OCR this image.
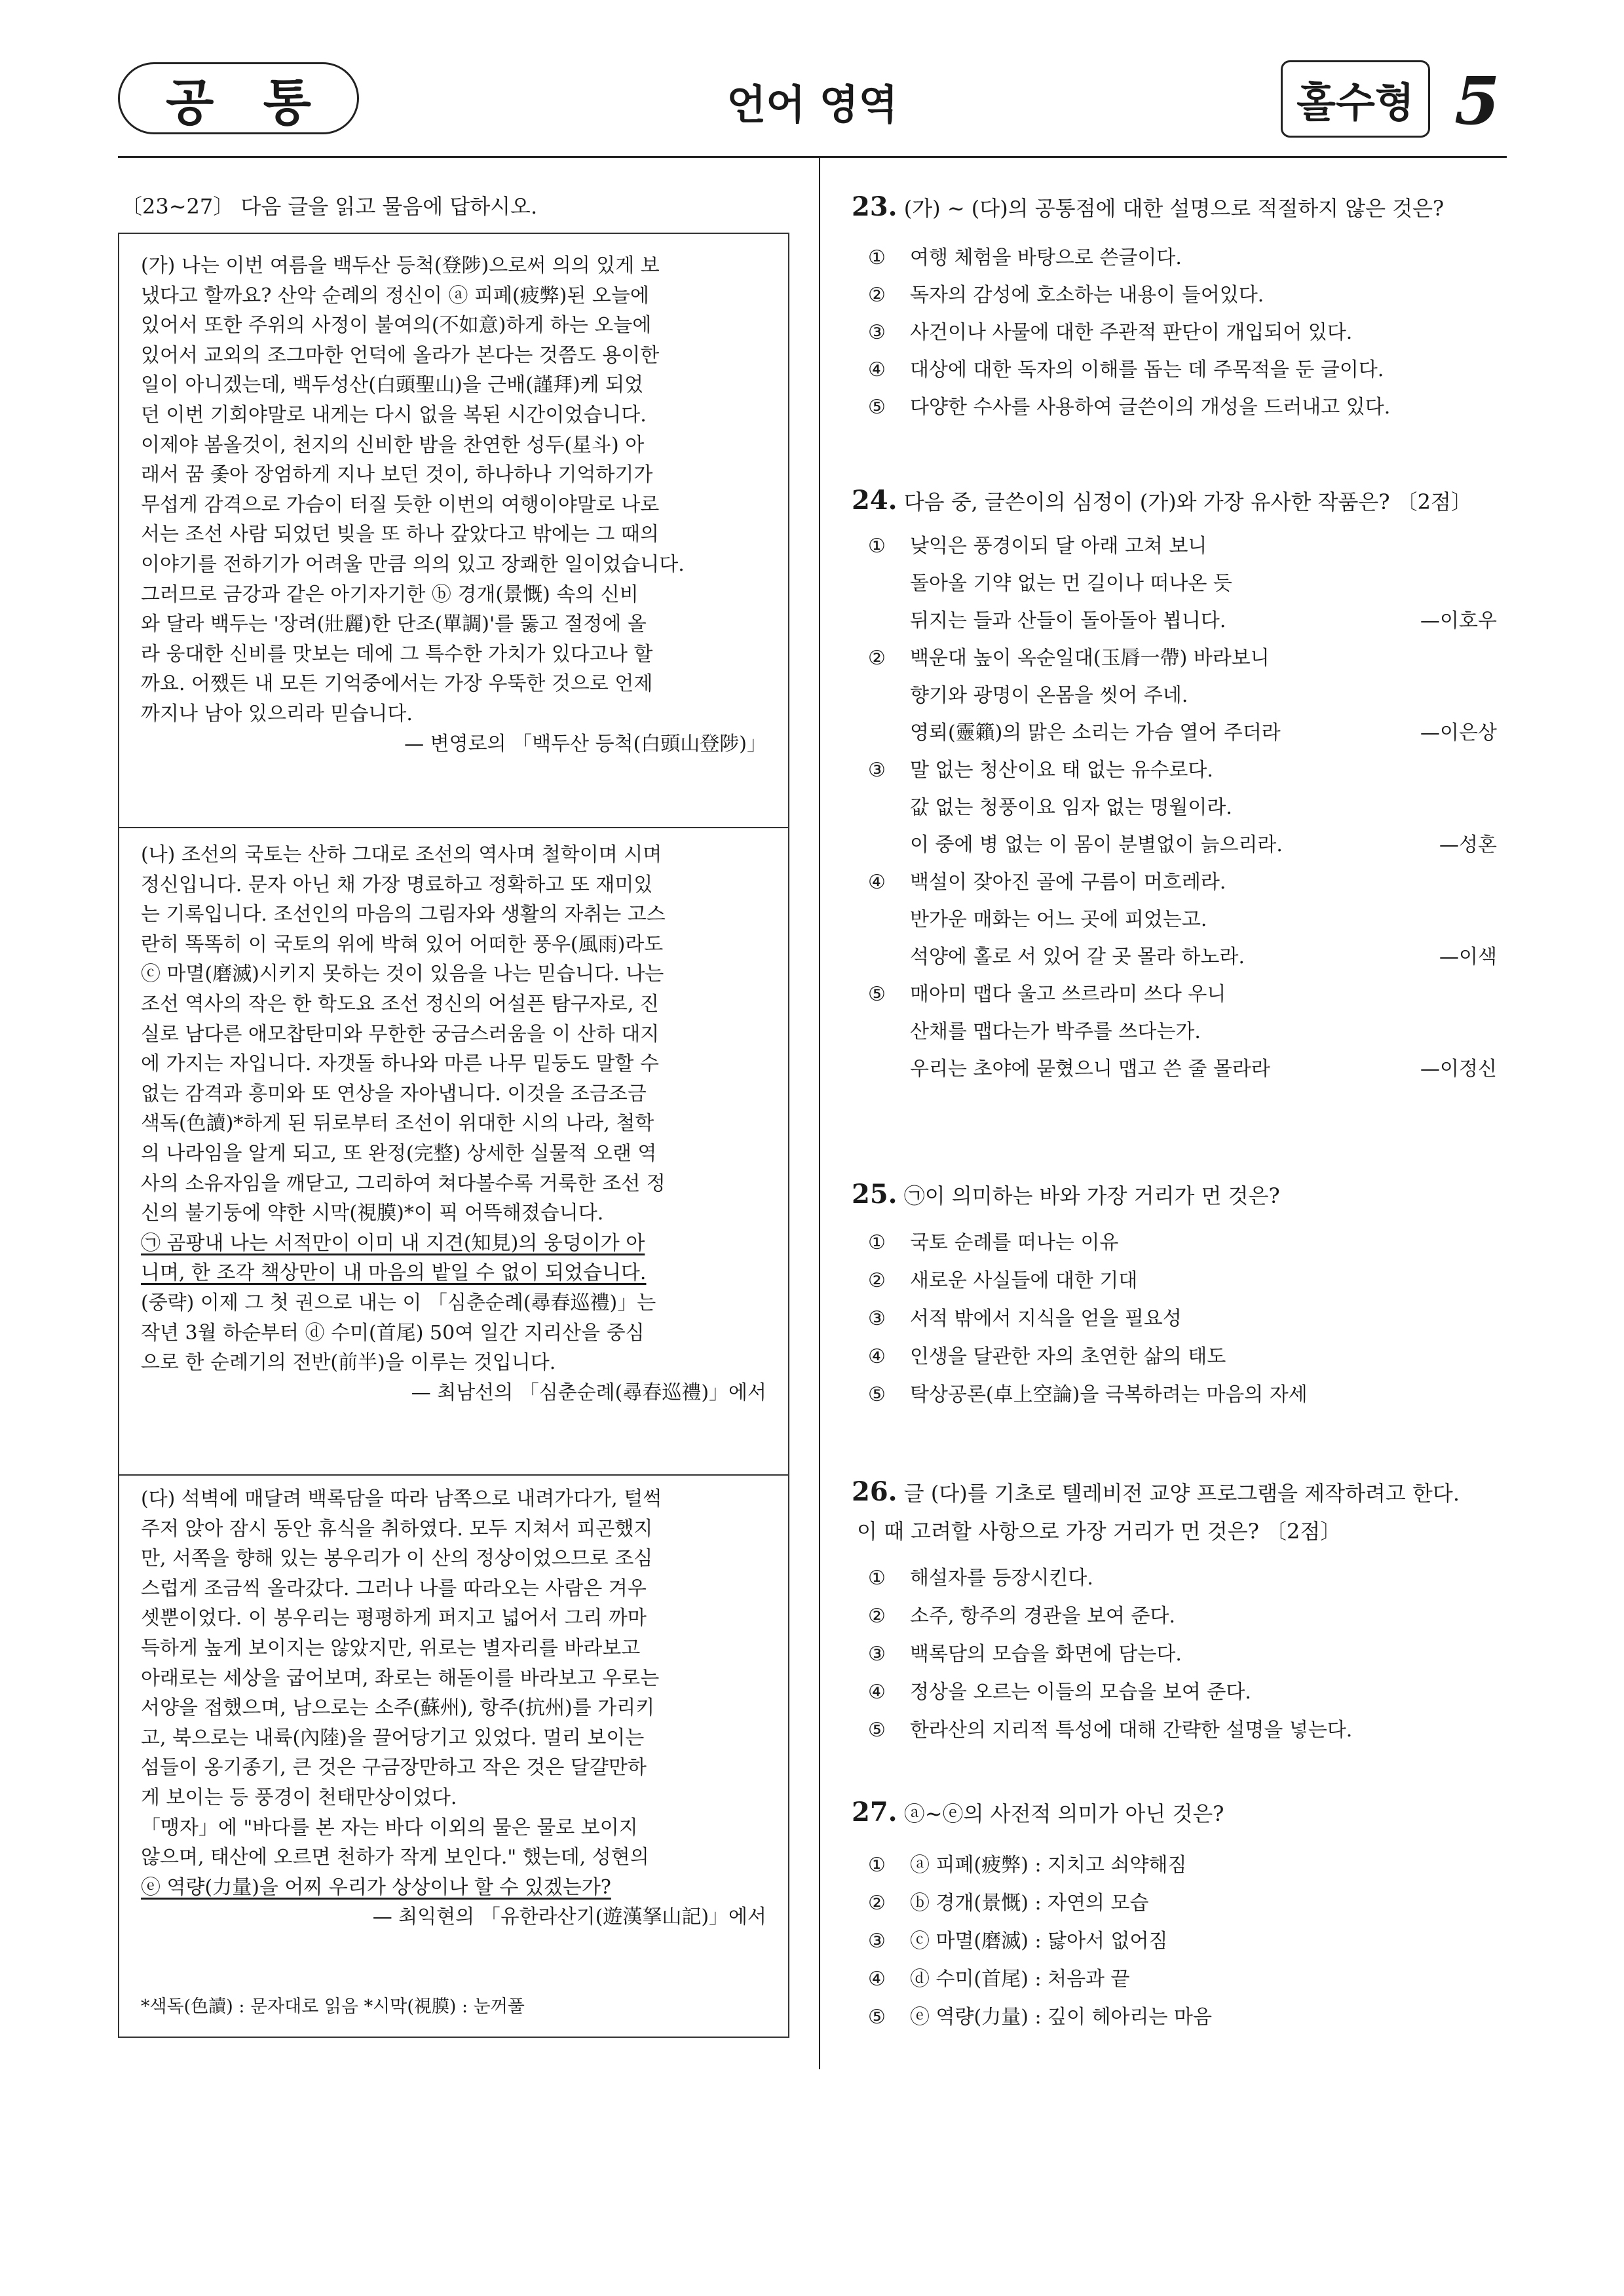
공 통	언어 영역	홀수형 5
〔23∼27〕 다음 글을 읽고 물음에 답하시오.
(가) 나는 이번 여름을 백두산 등척(登陟)으로써 의의 있게 보
냈다고 할까요? 산악 순례의 정신이 ⓐ 피폐(疲弊)된 오늘에
있어서 또한 주위의 사정이 불여의(不如意)하게 하는 오늘에
있어서 교외의 조그마한 언덕에 올라가 본다는 것쯤도 용이한
일이 아니겠는데, 백두성산(白頭聖山)을 근배(謹拜)케 되었
던 이번 기회야말로 내게는 다시 없을 복된 시간이었습니다.
이제야 봄올것이, 천지의 신비한 밤을 찬연한 성두(星斗) 아
래서 꿈 좇아 장엄하게 지나 보던 것이, 하나하나 기억하기가
무섭게 감격으로 가슴이 터질 듯한 이번의 여행이야말로 나로
서는 조선 사람 되었던 빚을 또 하나 갚았다고 밖에는 그 때의
이야기를 전하기가 어려울 만큼 의의 있고 장쾌한 일이었습니다.
그러므로 금강과 같은 아기자기한 ⓑ 경개(景慨) 속의 신비
와 달라 백두는 '장려(壯麗)한 단조(單調)'를 뚫고 절정에 올
라 웅대한 신비를 맛보는 데에 그 특수한 가치가 있다고나 할
까요. 어쨌든 내 모든 기억중에서는 가장 우뚝한 것으로 언제
까지나 남아 있으리라 믿습니다.
— 변영로의 「백두산 등척(白頭山登陟)」
(나) 조선의 국토는 산하 그대로 조선의 역사며 철학이며 시며
정신입니다. 문자 아닌 채 가장 명료하고 정확하고 또 재미있
는 기록입니다. 조선인의 마음의 그림자와 생활의 자취는 고스
란히 똑똑히 이 국토의 위에 박혀 있어 어떠한 풍우(風雨)라도
ⓒ 마멸(磨滅)시키지 못하는 것이 있음을 나는 믿습니다. 나는
조선 역사의 작은 한 학도요 조선 정신의 어설픈 탐구자로, 진
실로 남다른 애모찹탄미와 무한한 궁금스러움을 이 산하 대지
에 가지는 자입니다. 자갯돌 하나와 마른 나무 밑둥도 말할 수
없는 감격과 흥미와 또 연상을 자아냅니다. 이것을 조금조금
색독(色讀)*하게 된 뒤로부터 조선이 위대한 시의 나라, 철학
의 나라임을 알게 되고, 또 완정(完整) 상세한 실물적 오랜 역
사의 소유자임을 깨닫고, 그리하여 쳐다볼수록 거룩한 조선 정
신의 불기둥에 약한 시막(視膜)*이 픽 어뜩해졌습니다.
㉠ 곰팡내 나는 서적만이 이미 내 지견(知見)의 웅덩이가 아
니며, 한 조각 책상만이 내 마음의 밭일 수 없이 되었습니다.
(중략) 이제 그 첫 권으로 내는 이 「심춘순례(尋春巡禮)」는
작년 3월 하순부터 ⓓ 수미(首尾) 50여 일간 지리산을 중심
으로 한 순례기의 전반(前半)을 이루는 것입니다.
— 최남선의 「심춘순례(尋春巡禮)」에서
(다) 석벽에 매달려 백록담을 따라 남쪽으로 내려가다가, 털썩
주저 앉아 잠시 동안 휴식을 취하였다. 모두 지쳐서 피곤했지
만, 서쪽을 향해 있는 봉우리가 이 산의 정상이었으므로 조심
스럽게 조금씩 올라갔다. 그러나 나를 따라오는 사람은 겨우
셋뿐이었다. 이 봉우리는 평평하게 퍼지고 넓어서 그리 까마
득하게 높게 보이지는 않았지만, 위로는 별자리를 바라보고
아래로는 세상을 굽어보며, 좌로는 해돋이를 바라보고 우로는
서양을 접했으며, 남으로는 소주(蘇州), 항주(抗州)를 가리키
고, 북으로는 내륙(內陸)을 끌어당기고 있었다. 멀리 보이는
섬들이 옹기종기, 큰 것은 구금장만하고 작은 것은 달걀만하
게 보이는 등 풍경이 천태만상이었다.
「맹자」에 "바다를 본 자는 바다 이외의 물은 물로 보이지
않으며, 태산에 오르면 천하가 작게 보인다." 했는데, 성현의
ⓔ 역량(力量)을 어찌 우리가 상상이나 할 수 있겠는가?
— 최익현의 「유한라산기(遊漢拏山記)」에서
*색독(色讀) : 문자대로 읽음 *시막(視膜) : 눈꺼풀
23. (가) ∼ (다)의 공통점에 대한 설명으로 적절하지 않은 것은?
① 여행 체험을 바탕으로 쓴글이다.
② 독자의 감성에 호소하는 내용이 들어있다.
③ 사건이나 사물에 대한 주관적 판단이 개입되어 있다.
④ 대상에 대한 독자의 이해를 돕는 데 주목적을 둔 글이다.
⑤ 다양한 수사를 사용하여 글쓴이의 개성을 드러내고 있다.
24. 다음 중, 글쓴이의 심정이 (가)와 가장 유사한 작품은? 〔2점〕
① 낮익은 풍경이되 달 아래 고쳐 보니
돌아올 기약 없는 먼 길이나 떠나온 듯
뒤지는 들과 산들이 돌아돌아 뵙니다.	—이호우
② 백운대 높이 옥순일대(玉脣一帶) 바라보니
향기와 광명이 온몸을 씻어 주네.
영뢰(靈籟)의 맑은 소리는 가슴 열어 주더라	—이은상
③ 말 없는 청산이요 태 없는 유수로다.
값 없는 청풍이요 임자 없는 명월이라.
이 중에 병 없는 이 몸이 분별없이 늙으리라.	—성혼
④ 백설이 잦아진 골에 구름이 머흐레라.
반가운 매화는 어느 곳에 피었는고.
석양에 홀로 서 있어 갈 곳 몰라 하노라.	—이색
⑤ 매아미 맵다 울고 쓰르라미 쓰다 우니
산채를 맵다는가 박주를 쓰다는가.
우리는 초야에 묻혔으니 맵고 쓴 줄 몰라라	—이정신
25. ㉠이 의미하는 바와 가장 거리가 먼 것은?
① 국토 순례를 떠나는 이유
② 새로운 사실들에 대한 기대
③ 서적 밖에서 지식을 얻을 필요성
④ 인생을 달관한 자의 초연한 삶의 태도
⑤ 탁상공론(卓上空論)을 극복하려는 마음의 자세
26. 글 (다)를 기초로 텔레비전 교양 프로그램을 제작하려고 한다.
이 때 고려할 사항으로 가장 거리가 먼 것은? 〔2점〕
① 해설자를 등장시킨다.
② 소주, 항주의 경관을 보여 준다.
③ 백록담의 모습을 화면에 담는다.
④ 정상을 오르는 이들의 모습을 보여 준다.
⑤ 한라산의 지리적 특성에 대해 간략한 설명을 넣는다.
27. ⓐ∼ⓔ의 사전적 의미가 아닌 것은?
① ⓐ 피폐(疲弊) : 지치고 쇠약해짐
② ⓑ 경개(景慨) : 자연의 모습
③ ⓒ 마멸(磨滅) : 닳아서 없어짐
④ ⓓ 수미(首尾) : 처음과 끝
⑤ ⓔ 역량(力量) : 깊이 헤아리는 마음
